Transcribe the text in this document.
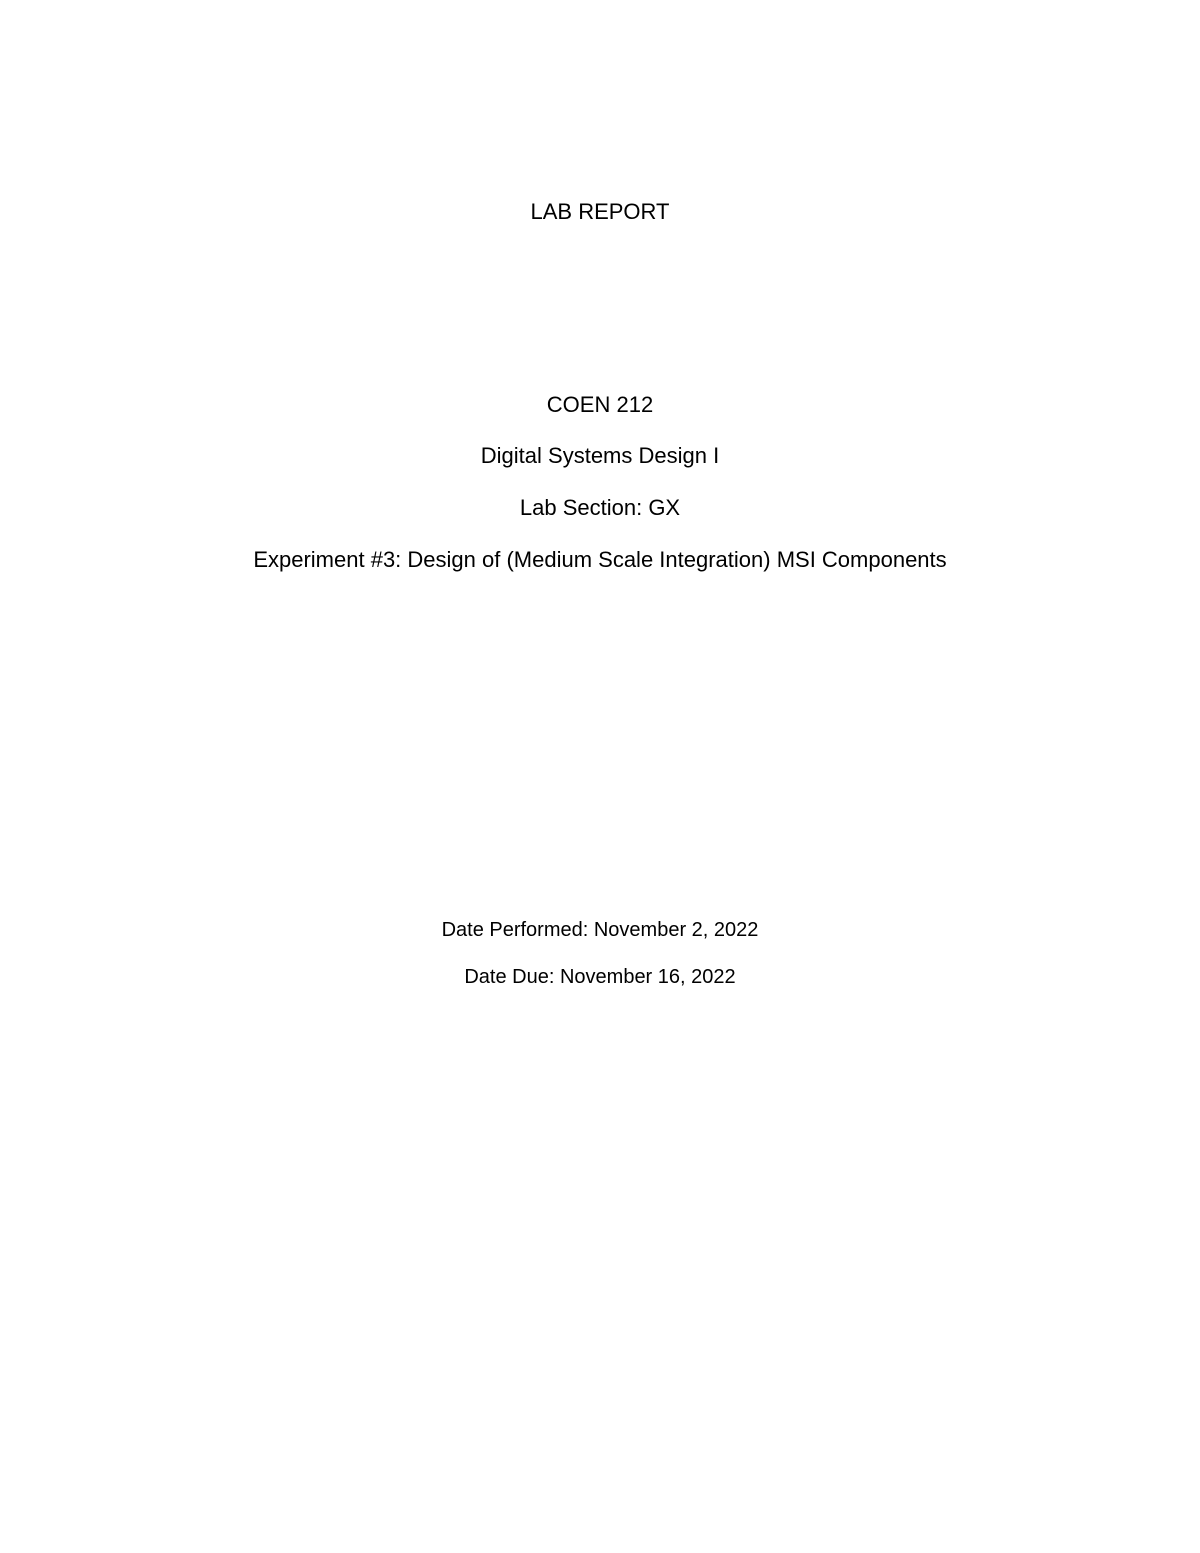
LAB REPORT
COEN 212
Digital Systems Design I
Lab Section: GX
Experiment #3: Design of (Medium Scale Integration) MSI Components
Date Performed: November 2, 2022
Date Due: November 16, 2022
